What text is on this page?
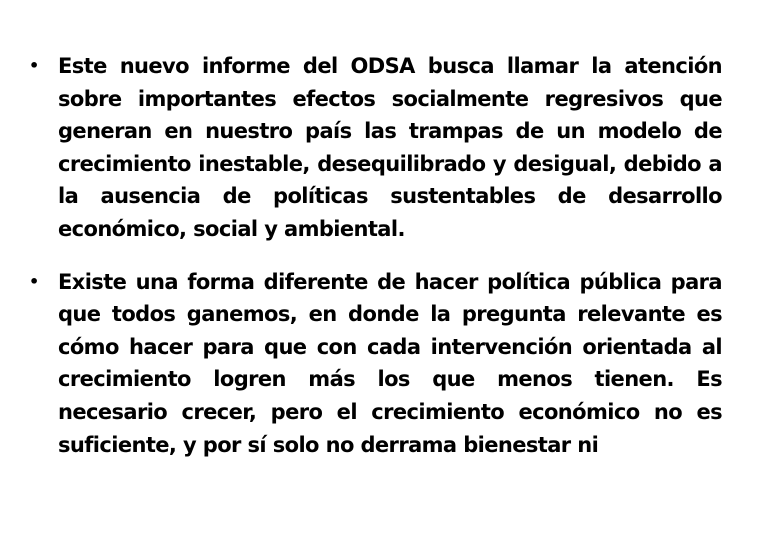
• Este nuevo informe del ODSA busca llamar la atención sobre importantes efectos socialmente regresivos que generan en nuestro país las trampas de un modelo de crecimiento inestable, desequilibrado y desigual, debido a la ausencia de políticas sustentables de desarrollo económico, social y ambiental.
• Existe una forma diferente de hacer política pública para que todos ganemos, en donde la pregunta relevante es cómo hacer para que con cada intervención orientada al crecimiento logren más los que menos tienen. Es necesario crecer, pero el crecimiento económico no es suficiente, y por sí solo no derrama bienestar ni
